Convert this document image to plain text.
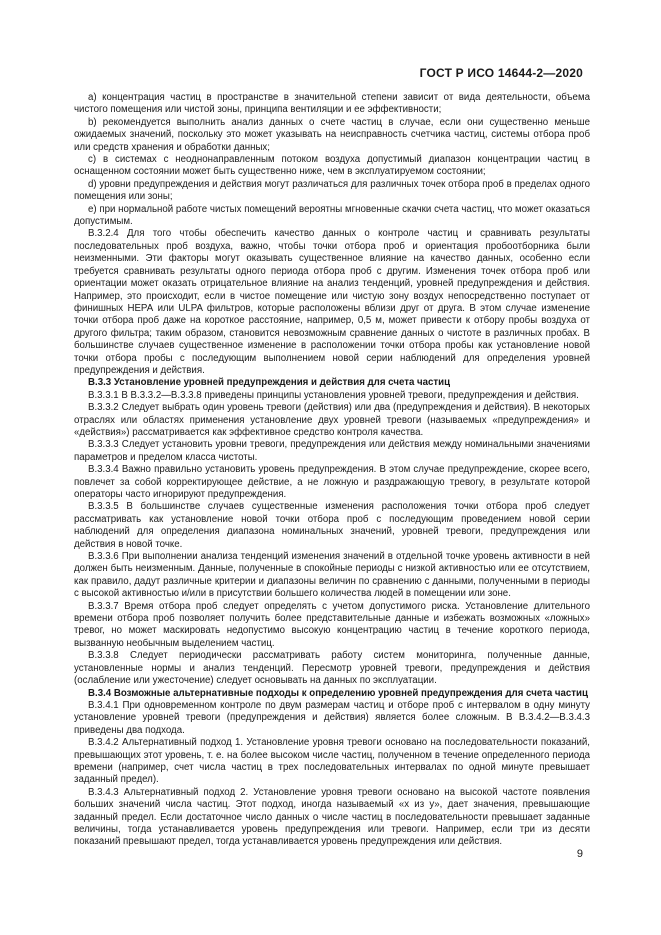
ГОСТ Р ИСО 14644-2—2020

а) концентрация частиц в пространстве в значительной степени зависит от вида деятельности, объема чистого помещения или чистой зоны, принципа вентиляции и ее эффективности;

b) рекомендуется выполнить анализ данных о счете частиц в случае, если они существенно меньше ожидаемых значений, поскольку это может указывать на неисправность счетчика частиц, системы отбора проб или средств хранения и обработки данных;

c) в системах с неоднонаправленным потоком воздуха допустимый диапазон концентрации частиц в оснащенном состоянии может быть существенно ниже, чем в эксплуатируемом состоянии;

d) уровни предупреждения и действия могут различаться для различных точек отбора проб в пределах одного помещения или зоны;

е) при нормальной работе чистых помещений вероятны мгновенные скачки счета частиц, что может оказаться допустимым.

В.3.2.4 Для того чтобы обеспечить качество данных о контроле частиц и сравнивать результаты последовательных проб воздуха, важно, чтобы точки отбора проб и ориентация пробоотборника были неизменными. Эти факторы могут оказывать существенное влияние на качество данных, особенно если требуется сравнивать результаты одного периода отбора проб с другим. Изменения точек отбора проб или ориентации может оказать отрицательное влияние на анализ тенденций, уровней предупреждения и действия. Например, это происходит, если в чистое помещение или чистую зону воздух непосредственно поступает от финишных НЕРА или ULPA фильтров, которые расположены вблизи друг от друга. В этом случае изменение точки отбора проб даже на короткое расстояние, например, 0,5 м, может привести к отбору пробы воздуха от другого фильтра; таким образом, становится невозможным сравнение данных о чистоте в различных пробах. В большинстве случаев существенное изменение в расположении точки отбора пробы как установление новой точки отбора пробы с последующим выполнением новой серии наблюдений для определения уровней предупреждения и действия.

В.3.3 Установление уровней предупреждения и действия для счета частиц

В.3.3.1 В В.3.3.2—В.3.3.8 приведены принципы установления уровней тревоги, предупреждения и действия.

В.3.3.2 Следует выбрать один уровень тревоги (действия) или два (предупреждения и действия). В некоторых отраслях или областях применения установление двух уровней тревоги (называемых «предупреждения» и «действия») рассматривается как эффективное средство контроля качества.

В.3.3.3 Следует установить уровни тревоги, предупреждения или действия между номинальными значениями параметров и пределом класса чистоты.

В.3.3.4 Важно правильно установить уровень предупреждения. В этом случае предупреждение, скорее всего, повлечет за собой корректирующее действие, а не ложную и раздражающую тревогу, в результате которой операторы часто игнорируют предупреждения.

В.3.3.5 В большинстве случаев существенные изменения расположения точки отбора проб следует рассматривать как установление новой точки отбора проб с последующим проведением новой серии наблюдений для определения диапазона номинальных значений, уровней тревоги, предупреждения или действия в новой точке.

В.3.3.6 При выполнении анализа тенденций изменения значений в отдельной точке уровень активности в ней должен быть неизменным. Данные, полученные в спокойные периоды с низкой активностью или ее отсутствием, как правило, дадут различные критерии и диапазоны величин по сравнению с данными, полученными в периоды с высокой активностью и/или в присутствии большего количества людей в помещении или зоне.

В.3.3.7 Время отбора проб следует определять с учетом допустимого риска. Установление длительного времени отбора проб позволяет получить более представительные данные и избежать возможных «ложных» тревог, но может маскировать недопустимо высокую концентрацию частиц в течение короткого периода, вызванную необычным выделением частиц.

В.3.3.8 Следует периодически рассматривать работу систем мониторинга, полученные данные, установленные нормы и анализ тенденций. Пересмотр уровней тревоги, предупреждения и действия (ослабление или ужесточение) следует основывать на данных по эксплуатации.

В.3.4 Возможные альтернативные подходы к определению уровней предупреждения для счета частиц

В.3.4.1 При одновременном контроле по двум размерам частиц и отборе проб с интервалом в одну минуту установление уровней тревоги (предупреждения и действия) является более сложным. В В.3.4.2—В.3.4.3 приведены два подхода.

В.3.4.2 Альтернативный подход 1. Установление уровня тревоги основано на последовательности показаний, превышающих этот уровень, т. е. на более высоком числе частиц, полученном в течение определенного периода времени (например, счет числа частиц в трех последовательных интервалах по одной минуте превышает заданный предел).

В.3.4.3 Альтернативный подход 2. Установление уровня тревоги основано на высокой частоте появления больших значений числа частиц. Этот подход, иногда называемый «х из у», дает значения, превышающие заданный предел. Если достаточное число данных о числе частиц в последовательности превышает заданные величины, тогда устанавливается уровень предупреждения или тревоги. Например, если три из десяти показаний превышают предел, тогда устанавливается уровень предупреждения или действия.

9
